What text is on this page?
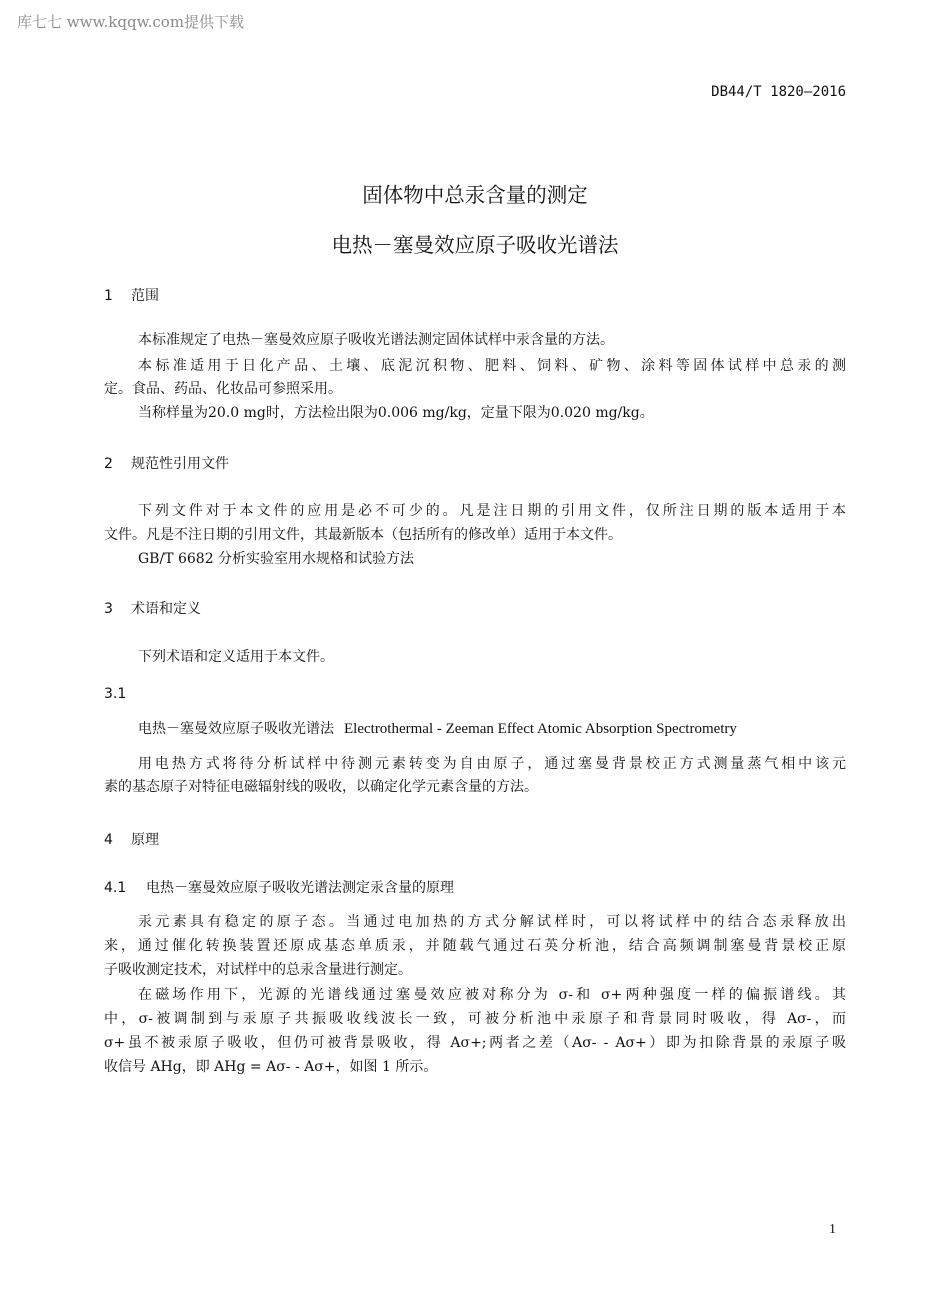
库七七 www.kqqw.com提供下载
DB44/T 1820—2016
固体物中总汞含量的测定
电热－塞曼效应原子吸收光谱法
1 范围
本标准规定了电热－塞曼效应原子吸收光谱法测定固体试样中汞含量的方法。
本标准适用于日化产品、土壤、底泥沉积物、肥料、饲料、矿物、涂料等固体试样中总汞的测
定。食品、药品、化妆品可参照采用。
当称样量为20.0 mg时，方法检出限为0.006 mg/kg，定量下限为0.020 mg/kg。
2 规范性引用文件
下列文件对于本文件的应用是必不可少的。凡是注日期的引用文件，仅所注日期的版本适用于本
文件。凡是不注日期的引用文件，其最新版本（包括所有的修改单）适用于本文件。
GB/T 6682 分析实验室用水规格和试验方法
3 术语和定义
下列术语和定义适用于本文件。
3.1
电热－塞曼效应原子吸收光谱法 Electrothermal - Zeeman Effect Atomic Absorption Spectrometry
用电热方式将待分析试样中待测元素转变为自由原子，通过塞曼背景校正方式测量蒸气相中该元
素的基态原子对特征电磁辐射线的吸收，以确定化学元素含量的方法。
4 原理
4.1 电热－塞曼效应原子吸收光谱法测定汞含量的原理
汞元素具有稳定的原子态。当通过电加热的方式分解试样时，可以将试样中的结合态汞释放出
来，通过催化转换装置还原成基态单质汞，并随载气通过石英分析池，结合高频调制塞曼背景校正原
子吸收测定技术，对试样中的总汞含量进行测定。
在磁场作用下，光源的光谱线通过塞曼效应被对称分为 σ-和 σ+两种强度一样的偏振谱线。其
中，σ-被调制到与汞原子共振吸收线波长一致，可被分析池中汞原子和背景同时吸收，得 Aσ-，而
σ+虽不被汞原子吸收，但仍可被背景吸收，得 Aσ+;两者之差（Aσ- - Aσ+）即为扣除背景的汞原子吸
收信号 AHg，即 AHg = Aσ- - Aσ+，如图 1 所示。
1
